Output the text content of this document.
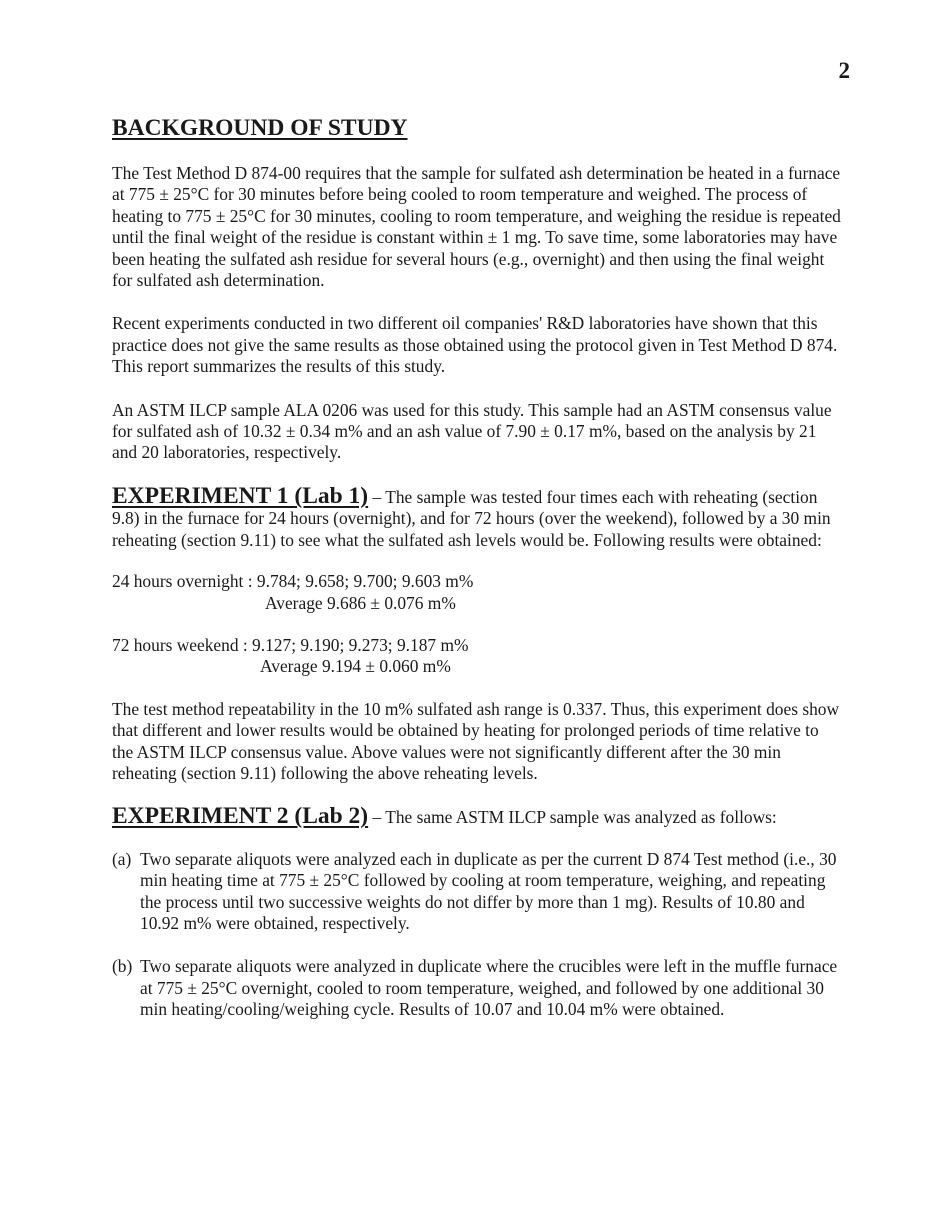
2
BACKGROUND OF STUDY

The Test Method D 874-00 requires that the sample for sulfated ash determination be heated in a furnace at 775 ± 25°C for 30 minutes before being cooled to room temperature and weighed. The process of heating to 775 ± 25°C for 30 minutes, cooling to room temperature, and weighing the residue is repeated until the final weight of the residue is constant within ± 1 mg. To save time, some laboratories may have been heating the sulfated ash residue for several hours (e.g., overnight) and then using the final weight for sulfated ash determination.

Recent experiments conducted in two different oil companies' R&D laboratories have shown that this practice does not give the same results as those obtained using the protocol given in Test Method D 874. This report summarizes the results of this study.

An ASTM ILCP sample ALA 0206 was used for this study. This sample had an ASTM consensus value for sulfated ash of 10.32 ± 0.34 m% and an ash value of 7.90 ± 0.17 m%, based on the analysis by 21 and 20 laboratories, respectively.

EXPERIMENT 1 (Lab 1) – The sample was tested four times each with reheating (section 9.8) in the furnace for 24 hours (overnight), and for 72 hours (over the weekend), followed by a 30 min reheating (section 9.11) to see what the sulfated ash levels would be. Following results were obtained:

24 hours overnight : 9.784; 9.658; 9.700; 9.603 m%
Average 9.686 ± 0.076 m%
72 hours weekend : 9.127; 9.190; 9.273; 9.187 m%
Average 9.194 ± 0.060 m%

The test method repeatability in the 10 m% sulfated ash range is 0.337. Thus, this experiment does show that different and lower results would be obtained by heating for prolonged periods of time relative to the ASTM ILCP consensus value. Above values were not significantly different after the 30 min reheating (section 9.11) following the above reheating levels.

EXPERIMENT 2 (Lab 2) – The same ASTM ILCP sample was analyzed as follows:

(a) Two separate aliquots were analyzed each in duplicate as per the current D 874 Test method (i.e., 30 min heating time at 775 ± 25°C followed by cooling at room temperature, weighing, and repeating the process until two successive weights do not differ by more than 1 mg). Results of 10.80 and 10.92 m% were obtained, respectively.
(b) Two separate aliquots were analyzed in duplicate where the crucibles were left in the muffle furnace at 775 ± 25°C overnight, cooled to room temperature, weighed, and followed by one additional 30 min heating/cooling/weighing cycle. Results of 10.07 and 10.04 m% were obtained.
